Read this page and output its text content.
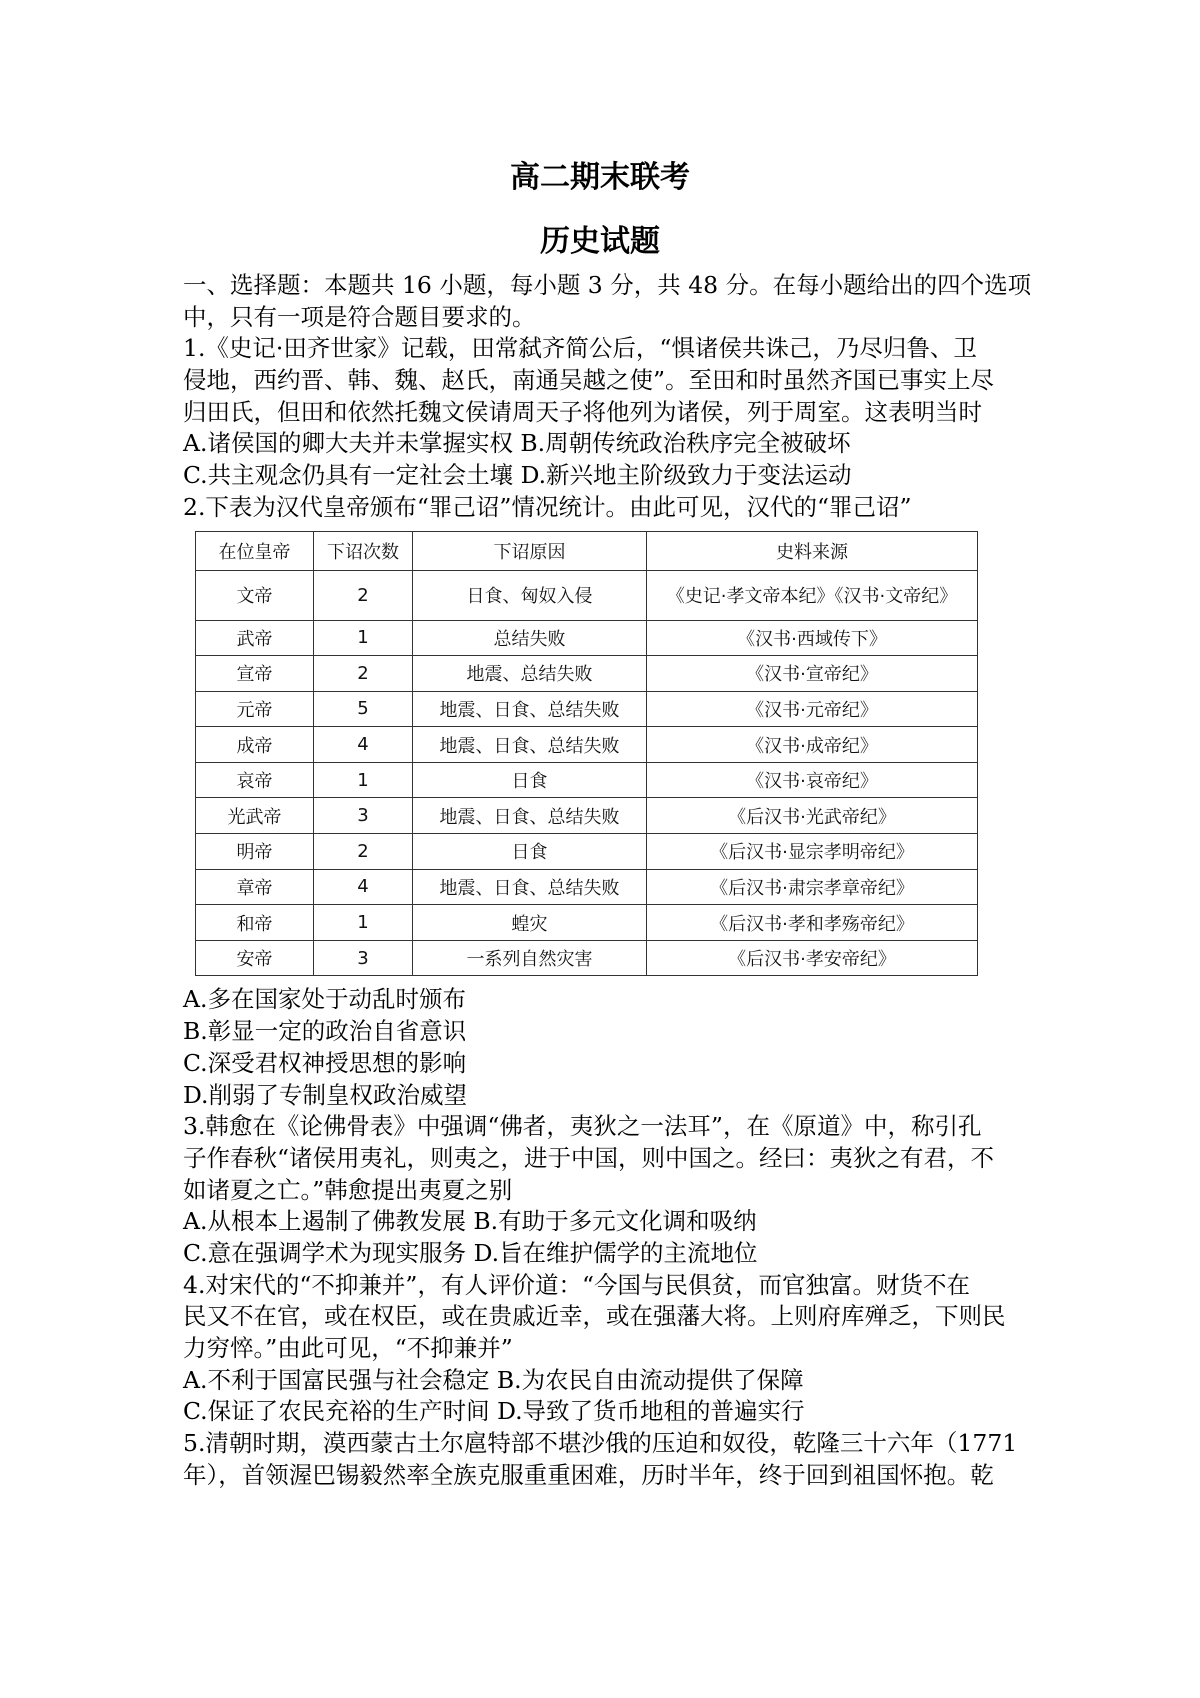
高二期末联考
历史试题
一、选择题：本题共 16 小题，每小题 3 分，共 48 分。在每小题给出的四个选项
中，只有一项是符合题目要求的。
1.《史记·田齐世家》记载，田常弑齐简公后，“惧诸侯共诛己，乃尽归鲁、卫
侵地，西约晋、韩、魏、赵氏，南通吴越之使”。至田和时虽然齐国已事实上尽
归田氏，但田和依然托魏文侯请周天子将他列为诸侯，列于周室。这表明当时
A.诸侯国的卿大夫并未掌握实权 B.周朝传统政治秩序完全被破坏
C.共主观念仍具有一定社会土壤 D.新兴地主阶级致力于变法运动
2.下表为汉代皇帝颁布“罪己诏”情况统计。由此可见，汉代的“罪己诏”
在位皇帝	下诏次数	下诏原因	史料来源
文帝	2	日食、匈奴入侵	《史记·孝文帝本纪》《汉书·文帝纪》
武帝	1	总结失败	《汉书·西域传下》
宣帝	2	地震、总结失败	《汉书·宣帝纪》
元帝	5	地震、日食、总结失败	《汉书·元帝纪》
成帝	4	地震、日食、总结失败	《汉书·成帝纪》
哀帝	1	日食	《汉书·哀帝纪》
光武帝	3	地震、日食、总结失败	《后汉书·光武帝纪》
明帝	2	日食	《后汉书·显宗孝明帝纪》
章帝	4	地震、日食、总结失败	《后汉书·肃宗孝章帝纪》
和帝	1	蝗灾	《后汉书·孝和孝殇帝纪》
安帝	3	一系列自然灾害	《后汉书·孝安帝纪》
A.多在国家处于动乱时颁布
B.彰显一定的政治自省意识
C.深受君权神授思想的影响
D.削弱了专制皇权政治威望
3.韩愈在《论佛骨表》中强调“佛者，夷狄之一法耳”，在《原道》中，称引孔
子作春秋“诸侯用夷礼，则夷之，进于中国，则中国之。经曰：夷狄之有君，不
如诸夏之亡。”韩愈提出夷夏之别
A.从根本上遏制了佛教发展 B.有助于多元文化调和吸纳
C.意在强调学术为现实服务 D.旨在维护儒学的主流地位
4.对宋代的“不抑兼并”，有人评价道：“今国与民俱贫，而官独富。财货不在
民又不在官，或在权臣，或在贵戚近幸，或在强藩大将。上则府库殚乏，下则民
力穷悴。”由此可见，“不抑兼并”
A.不利于国富民强与社会稳定 B.为农民自由流动提供了保障
C.保证了农民充裕的生产时间 D.导致了货币地租的普遍实行
5.清朝时期，漠西蒙古土尔扈特部不堪沙俄的压迫和奴役，乾隆三十六年（1771
年），首领渥巴锡毅然率全族克服重重困难，历时半年，终于回到祖国怀抱。乾
